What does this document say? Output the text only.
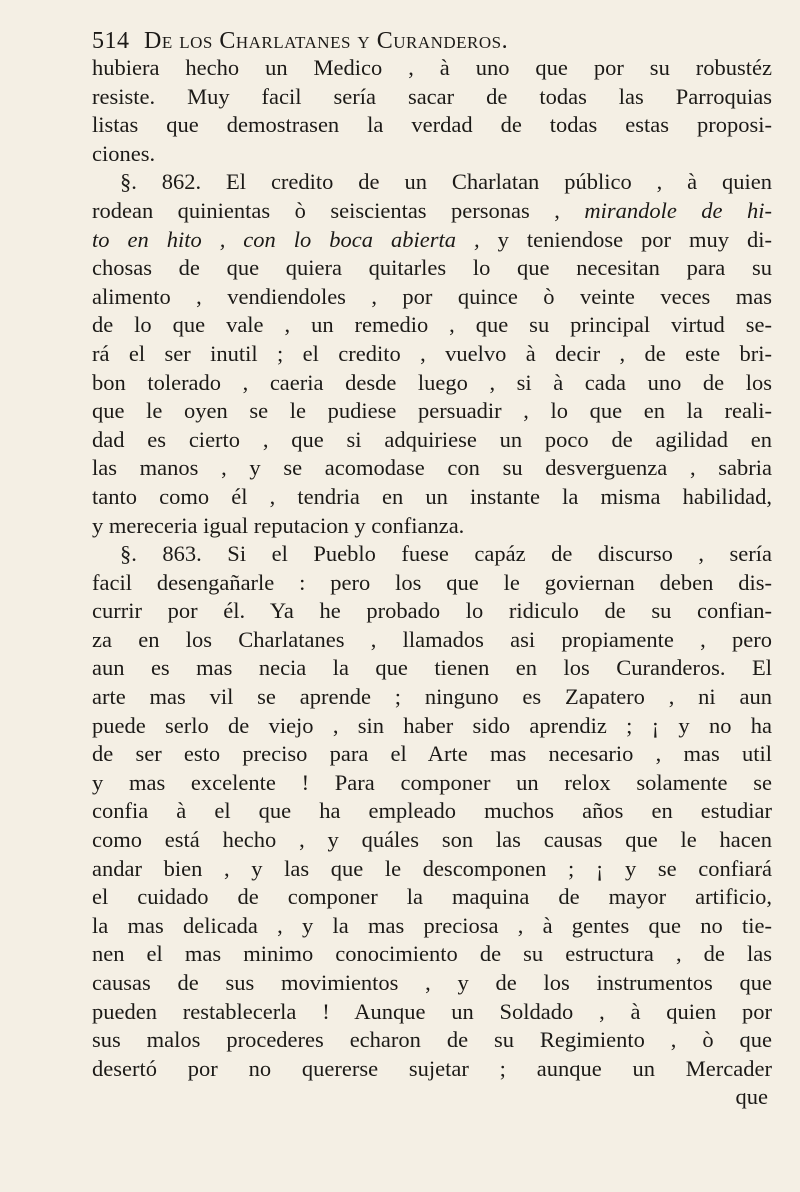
514 De los Charlatanes y Curanderos.
hubiera hecho un Medico , à uno que por su robustéz
resiste. Muy facil sería sacar de todas las Parroquias
listas que demostrasen la verdad de todas estas proposi-
ciones.
§. 862. El credito de un Charlatan público , à quien
rodean quinientas ò seiscientas personas , mirandole de hi-
to en hito , con lo boca abierta , y teniendose por muy di-
chosas de que quiera quitarles lo que necesitan para su
alimento , vendiendoles , por quince ò veinte veces mas
de lo que vale , un remedio , que su principal virtud se-
rá el ser inutil ; el credito , vuelvo à decir , de este bri-
bon tolerado , caeria desde luego , si à cada uno de los
que le oyen se le pudiese persuadir , lo que en la reali-
dad es cierto , que si adquiriese un poco de agilidad en
las manos , y se acomodase con su desverguenza , sabria
tanto como él , tendria en un instante la misma habilidad,
y mereceria igual reputacion y confianza.
§. 863. Si el Pueblo fuese capáz de discurso , sería
facil desengañarle : pero los que le goviernan deben dis-
currir por él. Ya he probado lo ridiculo de su confian-
za en los Charlatanes , llamados asi propiamente , pero
aun es mas necia la que tienen en los Curanderos. El
arte mas vil se aprende ; ninguno es Zapatero , ni aun
puede serlo de viejo , sin haber sido aprendiz ; ¡ y no ha
de ser esto preciso para el Arte mas necesario , mas util
y mas excelente ! Para componer un relox solamente se
confia à el que ha empleado muchos años en estudiar
como está hecho , y quáles son las causas que le hacen
andar bien , y las que le descomponen ; ¡ y se confiará
el cuidado de componer la maquina de mayor artificio,
la mas delicada , y la mas preciosa , à gentes que no tie-
nen el mas minimo conocimiento de su estructura , de las
causas de sus movimientos , y de los instrumentos que
pueden restablecerla ! Aunque un Soldado , à quien por
sus malos procederes echaron de su Regimiento , ò que
desertó por no quererse sujetar ; aunque un Mercader
que
